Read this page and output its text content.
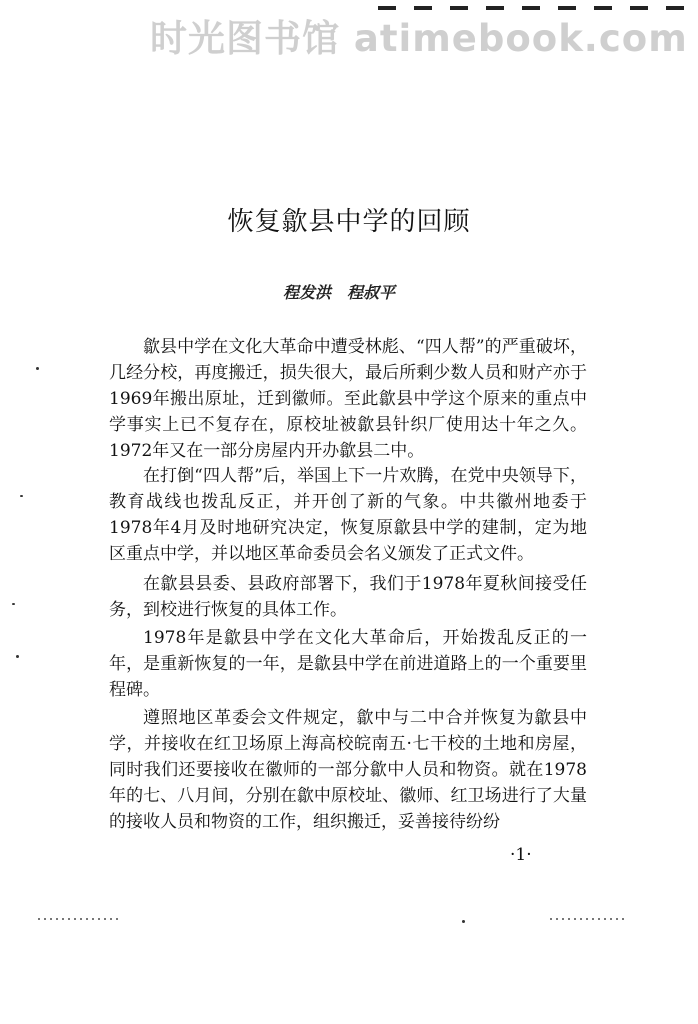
时光图书馆 atimebook.com
恢复歙县中学的回顾
程发洪　程叔平
歙县中学在文化大革命中遭受林彪、“四人帮”的严重破坏，几经分校，再度搬迁，损失很大，最后所剩少数人员和财产亦于1969年搬出原址，迁到徽师。至此歙县中学这个原来的重点中学事实上已不复存在，原校址被歙县针织厂使用达十年之久。1972年又在一部分房屋内开办歙县二中。
在打倒“四人帮”后，举国上下一片欢腾，在党中央领导下，教育战线也拨乱反正，并开创了新的气象。中共徽州地委于1978年4月及时地研究决定，恢复原歙县中学的建制，定为地区重点中学，并以地区革命委员会名义颁发了正式文件。
在歙县县委、县政府部署下，我们于1978年夏秋间接受任务，到校进行恢复的具体工作。
1978年是歙县中学在文化大革命后，开始拨乱反正的一年，是重新恢复的一年，是歙县中学在前进道路上的一个重要里程碑。
遵照地区革委会文件规定，歙中与二中合并恢复为歙县中学，并接收在红卫场原上海高校皖南五·七干校的土地和房屋，同时我们还要接收在徽师的一部分歙中人员和物资。就在1978年的七、八月间，分别在歙中原校址、徽师、红卫场进行了大量的接收人员和物资的工作，组织搬迁，妥善接待纷纷
·1·
